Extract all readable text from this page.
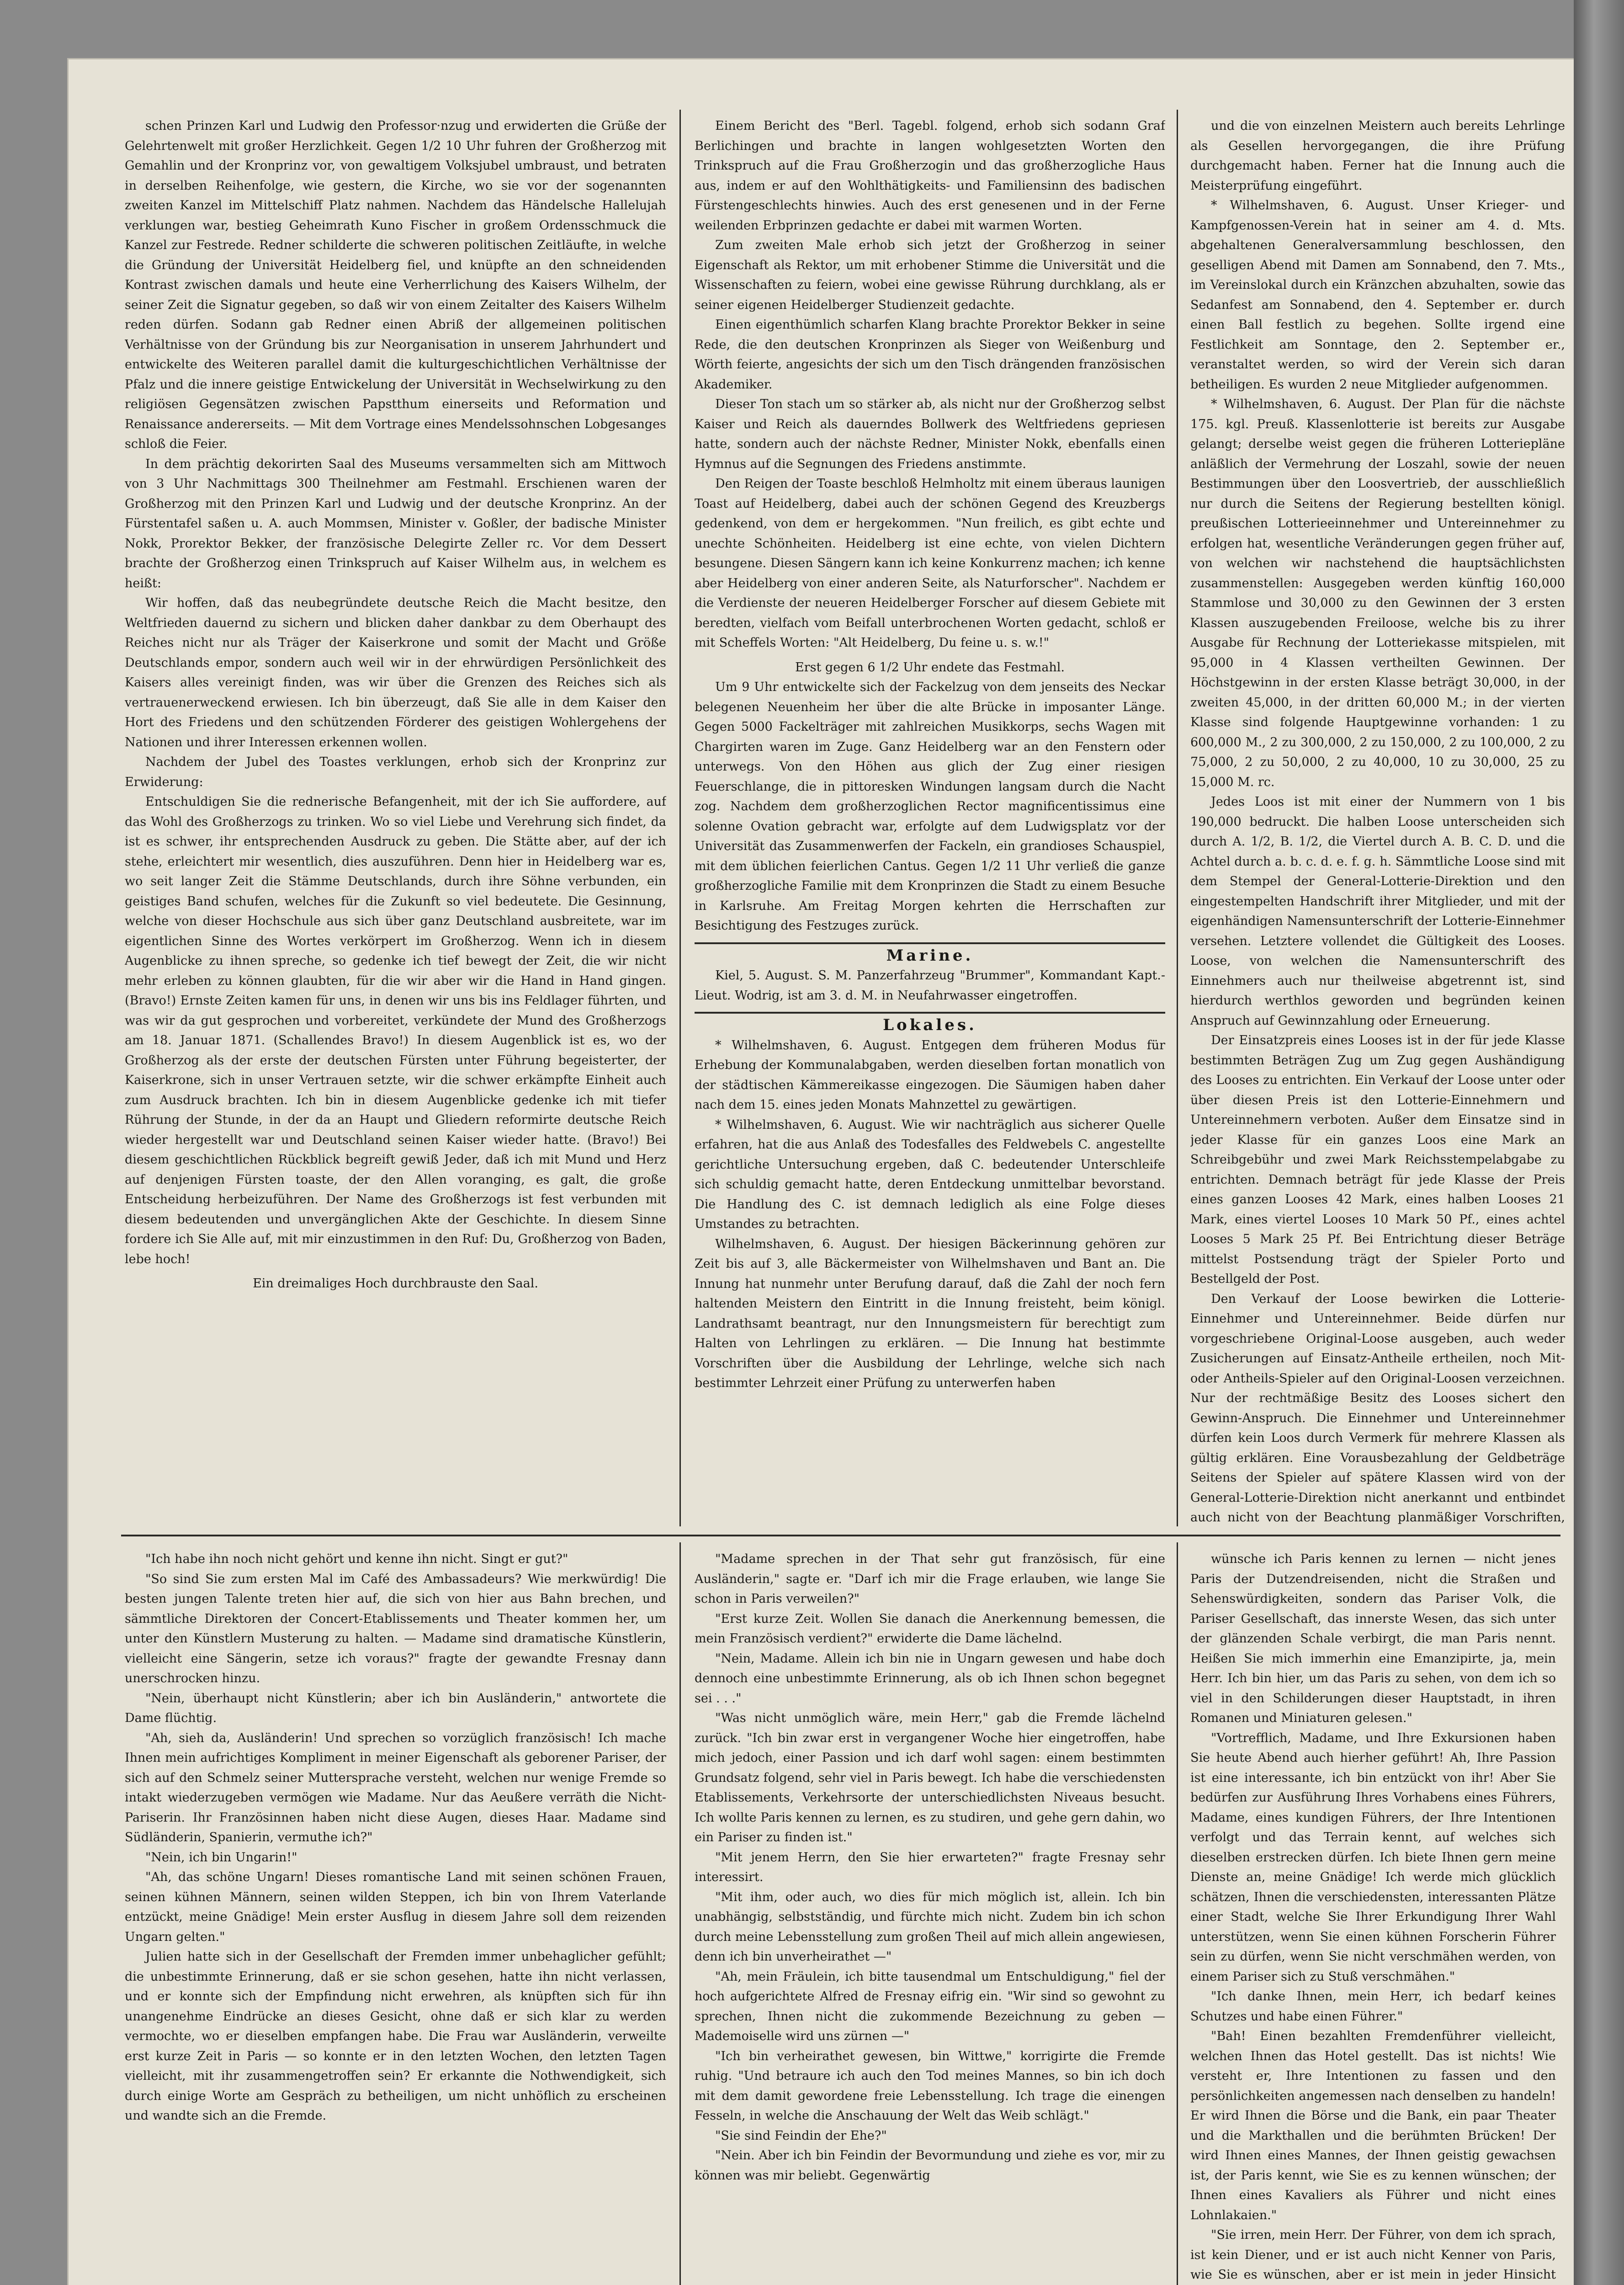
schen Prinzen Karl und Ludwig den Professor·nzug und erwiderten die Grüße der Gelehrtenwelt mit großer Herzlichkeit. Gegen 1/2 10 Uhr fuhren der Großherzog mit Gemahlin und der Kronprinz vor, von gewaltigem Volksjubel umbraust, und betraten in derselben Reihenfolge, wie gestern, die Kirche, wo sie vor der sogenannten zweiten Kanzel im Mittelschiff Platz nahmen. Nachdem das Händelsche Hallelujah verklungen war, bestieg Geheimrath Kuno Fischer in großem Ordensschmuck die Kanzel zur Festrede. Redner schilderte die schweren politischen Zeitläufte, in welche die Gründung der Universität Heidelberg fiel, und knüpfte an den schneidenden Kontrast zwischen damals und heute eine Verherrlichung des Kaisers Wilhelm, der seiner Zeit die Signatur gegeben, so daß wir von einem Zeitalter des Kaisers Wilhelm reden dürfen. Sodann gab Redner einen Abriß der allgemeinen politischen Verhältnisse von der Gründung bis zur Neorganisation in unserem Jahrhundert und entwickelte des Weiteren parallel damit die kulturgeschichtlichen Verhältnisse der Pfalz und die innere geistige Entwickelung der Universität in Wechselwirkung zu den religiösen Gegensätzen zwischen Papstthum einerseits und Reformation und Renaissance andererseits. — Mit dem Vortrage eines Mendelssohnschen Lobgesanges schloß die Feier.

In dem prächtig dekorirten Saal des Museums versammelten sich am Mittwoch von 3 Uhr Nachmittags 300 Theilnehmer am Festmahl. Erschienen waren der Großherzog mit den Prinzen Karl und Ludwig und der deutsche Kronprinz. An der Fürstentafel saßen u. A. auch Mommsen, Minister v. Goßler, der badische Minister Nokk, Prorektor Bekker, der französische Delegirte Zeller rc. Vor dem Dessert brachte der Großherzog einen Trinkspruch auf Kaiser Wilhelm aus, in welchem es heißt:

Wir hoffen, daß das neubegründete deutsche Reich die Macht besitze, den Weltfrieden dauernd zu sichern und blicken daher dankbar zu dem Oberhaupt des Reiches nicht nur als Träger der Kaiserkrone und somit der Macht und Größe Deutschlands empor, sondern auch weil wir in der ehrwürdigen Persönlichkeit des Kaisers alles vereinigt finden, was wir über die Grenzen des Reiches sich als vertrauenerweckend erwiesen. Ich bin überzeugt, daß Sie alle in dem Kaiser den Hort des Friedens und den schützenden Förderer des geistigen Wohlergehens der Nationen und ihrer Interessen erkennen wollen.

Nachdem der Jubel des Toastes verklungen, erhob sich der Kronprinz zur Erwiderung:

Entschuldigen Sie die rednerische Befangenheit, mit der ich Sie auffordere, auf das Wohl des Großherzogs zu trinken. Wo so viel Liebe und Verehrung sich findet, da ist es schwer, ihr entsprechenden Ausdruck zu geben. Die Stätte aber, auf der ich stehe, erleichtert mir wesentlich, dies auszuführen. Denn hier in Heidelberg war es, wo seit langer Zeit die Stämme Deutschlands, durch ihre Söhne verbunden, ein geistiges Band schufen, welches für die Zukunft so viel bedeutete. Die Gesinnung, welche von dieser Hochschule aus sich über ganz Deutschland ausbreitete, war im eigentlichen Sinne des Wortes verkörpert im Großherzog. Wenn ich in diesem Augenblicke zu ihnen spreche, so gedenke ich tief bewegt der Zeit, die wir nicht mehr erleben zu können glaubten, für die wir aber wir die Hand in Hand gingen. (Bravo!) Ernste Zeiten kamen für uns, in denen wir uns bis ins Feldlager führten, und was wir da gut gesprochen und vorbereitet, verkündete der Mund des Großherzogs am 18. Januar 1871. (Schallendes Bravo!) In diesem Augenblick ist es, wo der Großherzog als der erste der deutschen Fürsten unter Führung begeisterter, der Kaiserkrone, sich in unser Vertrauen setzte, wir die schwer erkämpfte Einheit auch zum Ausdruck brachten. Ich bin in diesem Augenblicke gedenke ich mit tiefer Rührung der Stunde, in der da an Haupt und Gliedern reformirte deutsche Reich wieder hergestellt war und Deutschland seinen Kaiser wieder hatte. (Bravo!) Bei diesem geschichtlichen Rückblick begreift gewiß Jeder, daß ich mit Mund und Herz auf denjenigen Fürsten toaste, der den Allen voranging, es galt, die große Entscheidung herbeizuführen. Der Name des Großherzogs ist fest verbunden mit diesem bedeutenden und unvergänglichen Akte der Geschichte. In diesem Sinne fordere ich Sie Alle auf, mit mir einzustimmen in den Ruf: Du, Großherzog von Baden, lebe hoch!

Ein dreimaliges Hoch durchbrauste den Saal.

Einem Bericht des "Berl. Tagebl. folgend, erhob sich sodann Graf Berlichingen und brachte in langen wohlgesetzten Worten den Trinkspruch auf die Frau Großherzogin und das großherzogliche Haus aus, indem er auf den Wohlthätigkeits- und Familiensinn des badischen Fürstengeschlechts hinwies. Auch des erst genesenen und in der Ferne weilenden Erbprinzen gedachte er dabei mit warmen Worten.

Zum zweiten Male erhob sich jetzt der Großherzog in seiner Eigenschaft als Rektor, um mit erhobener Stimme die Universität und die Wissenschaften zu feiern, wobei eine gewisse Rührung durchklang, als er seiner eigenen Heidelberger Studienzeit gedachte.

Einen eigenthümlich scharfen Klang brachte Prorektor Bekker in seine Rede, die den deutschen Kronprinzen als Sieger von Weißenburg und Wörth feierte, angesichts der sich um den Tisch drängenden französischen Akademiker.

Dieser Ton stach um so stärker ab, als nicht nur der Großherzog selbst Kaiser und Reich als dauerndes Bollwerk des Weltfriedens gepriesen hatte, sondern auch der nächste Redner, Minister Nokk, ebenfalls einen Hymnus auf die Segnungen des Friedens anstimmte.

Den Reigen der Toaste beschloß Helmholtz mit einem überaus launigen Toast auf Heidelberg, dabei auch der schönen Gegend des Kreuzbergs gedenkend, von dem er hergekommen. "Nun freilich, es gibt echte und unechte Schönheiten. Heidelberg ist eine echte, von vielen Dichtern besungene. Diesen Sängern kann ich keine Konkurrenz machen; ich kenne aber Heidelberg von einer anderen Seite, als Naturforscher". Nachdem er die Verdienste der neueren Heidelberger Forscher auf diesem Gebiete mit beredten, vielfach vom Beifall unterbrochenen Worten gedacht, schloß er mit Scheffels Worten: "Alt Heidelberg, Du feine u. s. w.!"

Erst gegen 6 1/2 Uhr endete das Festmahl.

Um 9 Uhr entwickelte sich der Fackelzug von dem jenseits des Neckar belegenen Neuenheim her über die alte Brücke in imposanter Länge. Gegen 5000 Fackelträger mit zahlreichen Musikkorps, sechs Wagen mit Chargirten waren im Zuge. Ganz Heidelberg war an den Fenstern oder unterwegs. Von den Höhen aus glich der Zug einer riesigen Feuerschlange, die in pittoresken Windungen langsam durch die Nacht zog. Nachdem dem großherzoglichen Rector magnificentissimus eine solenne Ovation gebracht war, erfolgte auf dem Ludwigsplatz vor der Universität das Zusammenwerfen der Fackeln, ein grandioses Schauspiel, mit dem üblichen feierlichen Cantus. Gegen 1/2 11 Uhr verließ die ganze großherzogliche Familie mit dem Kronprinzen die Stadt zu einem Besuche in Karlsruhe. Am Freitag Morgen kehrten die Herrschaften zur Besichtigung des Festzuges zurück.

Marine.

Kiel, 5. August. S. M. Panzerfahrzeug "Brummer", Kommandant Kapt.-Lieut. Wodrig, ist am 3. d. M. in Neufahrwasser eingetroffen.

Lokales.

* Wilhelmshaven, 6. August. Entgegen dem früheren Modus für Erhebung der Kommunalabgaben, werden dieselben fortan monatlich von der städtischen Kämmereikasse eingezogen. Die Säumigen haben daher nach dem 15. eines jeden Monats Mahnzettel zu gewärtigen.

* Wilhelmshaven, 6. August. Wie wir nachträglich aus sicherer Quelle erfahren, hat die aus Anlaß des Todesfalles des Feldwebels C. angestellte gerichtliche Untersuchung ergeben, daß C. bedeutender Unterschleife sich schuldig gemacht hatte, deren Entdeckung unmittelbar bevorstand. Die Handlung des C. ist demnach lediglich als eine Folge dieses Umstandes zu betrachten.

Wilhelmshaven, 6. August. Der hiesigen Bäckerinnung gehören zur Zeit bis auf 3, alle Bäckermeister von Wilhelmshaven und Bant an. Die Innung hat nunmehr unter Berufung darauf, daß die Zahl der noch fern haltenden Meistern den Eintritt in die Innung freisteht, beim königl. Landrathsamt beantragt, nur den Innungsmeistern für berechtigt zum Halten von Lehrlingen zu erklären. — Die Innung hat bestimmte Vorschriften über die Ausbildung der Lehrlinge, welche sich nach bestimmter Lehrzeit einer Prüfung zu unterwerfen haben

und die von einzelnen Meistern auch bereits Lehrlinge als Gesellen hervorgegangen, die ihre Prüfung durchgemacht haben. Ferner hat die Innung auch die Meisterprüfung eingeführt.

* Wilhelmshaven, 6. August. Unser Krieger- und Kampfgenossen-Verein hat in seiner am 4. d. Mts. abgehaltenen Generalversammlung beschlossen, den geselligen Abend mit Damen am Sonnabend, den 7. Mts., im Vereinslokal durch ein Kränzchen abzuhalten, sowie das Sedanfest am Sonnabend, den 4. September er. durch einen Ball festlich zu begehen. Sollte irgend eine Festlichkeit am Sonntage, den 2. September er., veranstaltet werden, so wird der Verein sich daran betheiligen. Es wurden 2 neue Mitglieder aufgenommen.

* Wilhelmshaven, 6. August. Der Plan für die nächste 175. kgl. Preuß. Klassenlotterie ist bereits zur Ausgabe gelangt; derselbe weist gegen die früheren Lotteriepläne anläßlich der Vermehrung der Loszahl, sowie der neuen Bestimmungen über den Loosvertrieb, der ausschließlich nur durch die Seitens der Regierung bestellten königl. preußischen Lotterieeinnehmer und Untereinnehmer zu erfolgen hat, wesentliche Veränderungen gegen früher auf, von welchen wir nachstehend die hauptsächlichsten zusammenstellen: Ausgegeben werden künftig 160,000 Stammlose und 30,000 zu den Gewinnen der 3 ersten Klassen auszugebenden Freiloose, welche bis zu ihrer Ausgabe für Rechnung der Lotteriekasse mitspielen, mit 95,000 in 4 Klassen vertheilten Gewinnen. Der Höchstgewinn in der ersten Klasse beträgt 30,000, in der zweiten 45,000, in der dritten 60,000 M.; in der vierten Klasse sind folgende Hauptgewinne vorhanden: 1 zu 600,000 M., 2 zu 300,000, 2 zu 150,000, 2 zu 100,000, 2 zu 75,000, 2 zu 50,000, 2 zu 40,000, 10 zu 30,000, 25 zu 15,000 M. rc.

Jedes Loos ist mit einer der Nummern von 1 bis 190,000 bedruckt. Die halben Loose unterscheiden sich durch A. 1/2, B. 1/2, die Viertel durch A. B. C. D. und die Achtel durch a. b. c. d. e. f. g. h. Sämmtliche Loose sind mit dem Stempel der General-Lotterie-Direktion und den eingestempelten Handschrift ihrer Mitglieder, und mit der eigenhändigen Namensunterschrift der Lotterie-Einnehmer versehen. Letztere vollendet die Gültigkeit des Looses. Loose, von welchen die Namensunterschrift des Einnehmers auch nur theilweise abgetrennt ist, sind hierdurch werthlos geworden und begründen keinen Anspruch auf Gewinnzahlung oder Erneuerung.

Der Einsatzpreis eines Looses ist in der für jede Klasse bestimmten Beträgen Zug um Zug gegen Aushändigung des Looses zu entrichten. Ein Verkauf der Loose unter oder über diesen Preis ist den Lotterie-Einnehmern und Untereinnehmern verboten. Außer dem Einsatze sind in jeder Klasse für ein ganzes Loos eine Mark an Schreibgebühr und zwei Mark Reichsstempelabgabe zu entrichten. Demnach beträgt für jede Klasse der Preis eines ganzen Looses 42 Mark, eines halben Looses 21 Mark, eines viertel Looses 10 Mark 50 Pf., eines achtel Looses 5 Mark 25 Pf. Bei Entrichtung dieser Beträge mittelst Postsendung trägt der Spieler Porto und Bestellgeld der Post.

Den Verkauf der Loose bewirken die Lotterie-Einnehmer und Untereinnehmer. Beide dürfen nur vorgeschriebene Original-Loose ausgeben, auch weder Zusicherungen auf Einsatz-Antheile ertheilen, noch Mit- oder Antheils-Spieler auf den Original-Loosen verzeichnen. Nur der rechtmäßige Besitz des Looses sichert den Gewinn-Anspruch. Die Einnehmer und Untereinnehmer dürfen kein Loos durch Vermerk für mehrere Klassen als gültig erklären. Eine Vorausbezahlung der Geldbeträge Seitens der Spieler auf spätere Klassen wird von der General-Lotterie-Direktion nicht anerkannt und entbindet auch nicht von der Beachtung planmäßiger Vorschriften,

"Ich habe ihn noch nicht gehört und kenne ihn nicht. Singt er gut?"

"So sind Sie zum ersten Mal im Café des Ambassadeurs? Wie merkwürdig! Die besten jungen Talente treten hier auf, die sich von hier aus Bahn brechen, und sämmtliche Direktoren der Concert-Etablissements und Theater kommen her, um unter den Künstlern Musterung zu halten. — Madame sind dramatische Künstlerin, vielleicht eine Sängerin, setze ich voraus?" fragte der gewandte Fresnay dann unerschrocken hinzu.

"Nein, überhaupt nicht Künstlerin; aber ich bin Ausländerin," antwortete die Dame flüchtig.

"Ah, sieh da, Ausländerin! Und sprechen so vorzüglich französisch! Ich mache Ihnen mein aufrichtiges Kompliment in meiner Eigenschaft als geborener Pariser, der sich auf den Schmelz seiner Muttersprache versteht, welchen nur wenige Fremde so intakt wiederzugeben vermögen wie Madame. Nur das Aeußere verräth die Nicht-Pariserin. Ihr Französinnen haben nicht diese Augen, dieses Haar. Madame sind Südländerin, Spanierin, vermuthe ich?"

"Nein, ich bin Ungarin!"

"Ah, das schöne Ungarn! Dieses romantische Land mit seinen schönen Frauen, seinen kühnen Männern, seinen wilden Steppen, ich bin von Ihrem Vaterlande entzückt, meine Gnädige! Mein erster Ausflug in diesem Jahre soll dem reizenden Ungarn gelten."

Julien hatte sich in der Gesellschaft der Fremden immer unbehaglicher gefühlt; die unbestimmte Erinnerung, daß er sie schon gesehen, hatte ihn nicht verlassen, und er konnte sich der Empfindung nicht erwehren, als knüpften sich für ihn unangenehme Eindrücke an dieses Gesicht, ohne daß er sich klar zu werden vermochte, wo er dieselben empfangen habe. Die Frau war Ausländerin, verweilte erst kurze Zeit in Paris — so konnte er in den letzten Wochen, den letzten Tagen vielleicht, mit ihr zusammengetroffen sein? Er erkannte die Nothwendigkeit, sich durch einige Worte am Gespräch zu betheiligen, um nicht unhöflich zu erscheinen und wandte sich an die Fremde.

"Madame sprechen in der That sehr gut französisch, für eine Ausländerin," sagte er. "Darf ich mir die Frage erlauben, wie lange Sie schon in Paris verweilen?"

"Erst kurze Zeit. Wollen Sie danach die Anerkennung bemessen, die mein Französisch verdient?" erwiderte die Dame lächelnd.

"Nein, Madame. Allein ich bin nie in Ungarn gewesen und habe doch dennoch eine unbestimmte Erinnerung, als ob ich Ihnen schon begegnet sei . . ."

"Was nicht unmöglich wäre, mein Herr," gab die Fremde lächelnd zurück. "Ich bin zwar erst in vergangener Woche hier eingetroffen, habe mich jedoch, einer Passion und ich darf wohl sagen: einem bestimmten Grundsatz folgend, sehr viel in Paris bewegt. Ich habe die verschiedensten Etablissements, Verkehrsorte der unterschiedlichsten Niveaus besucht. Ich wollte Paris kennen zu lernen, es zu studiren, und gehe gern dahin, wo ein Pariser zu finden ist."

"Mit jenem Herrn, den Sie hier erwarteten?" fragte Fresnay sehr interessirt.

"Mit ihm, oder auch, wo dies für mich möglich ist, allein. Ich bin unabhängig, selbstständig, und fürchte mich nicht. Zudem bin ich schon durch meine Lebensstellung zum großen Theil auf mich allein angewiesen, denn ich bin unverheirathet —"

"Ah, mein Fräulein, ich bitte tausendmal um Entschuldigung," fiel der hoch aufgerichtete Alfred de Fresnay eifrig ein. "Wir sind so gewohnt zu sprechen, Ihnen nicht die zukommende Bezeichnung zu geben — Mademoiselle wird uns zürnen —"

"Ich bin verheirathet gewesen, bin Wittwe," korrigirte die Fremde ruhig. "Und betraure ich auch den Tod meines Mannes, so bin ich doch mit dem damit gewordene freie Lebensstellung. Ich trage die einengen Fesseln, in welche die Anschauung der Welt das Weib schlägt."

"Sie sind Feindin der Ehe?"

"Nein. Aber ich bin Feindin der Bevormundung und ziehe es vor, mir zu können was mir beliebt. Gegenwärtig

wünsche ich Paris kennen zu lernen — nicht jenes Paris der Dutzendreisenden, nicht die Straßen und Sehenswürdigkeiten, sondern das Pariser Volk, die Pariser Gesellschaft, das innerste Wesen, das sich unter der glänzenden Schale verbirgt, die man Paris nennt. Heißen Sie mich immerhin eine Emanzipirte, ja, mein Herr. Ich bin hier, um das Paris zu sehen, von dem ich so viel in den Schilderungen dieser Hauptstadt, in ihren Romanen und Miniaturen gelesen."

"Vortrefflich, Madame, und Ihre Exkursionen haben Sie heute Abend auch hierher geführt! Ah, Ihre Passion ist eine interessante, ich bin entzückt von ihr! Aber Sie bedürfen zur Ausführung Ihres Vorhabens eines Führers, Madame, eines kundigen Führers, der Ihre Intentionen verfolgt und das Terrain kennt, auf welches sich dieselben erstrecken dürfen. Ich biete Ihnen gern meine Dienste an, meine Gnädige! Ich werde mich glücklich schätzen, Ihnen die verschiedensten, interessanten Plätze einer Stadt, welche Sie Ihrer Erkundigung Ihrer Wahl unterstützen, wenn Sie einen kühnen Forscherin Führer sein zu dürfen, wenn Sie nicht verschmähen werden, von einem Pariser sich zu Stuß verschmähen."

"Ich danke Ihnen, mein Herr, ich bedarf keines Schutzes und habe einen Führer."

"Bah! Einen bezahlten Fremdenführer vielleicht, welchen Ihnen das Hotel gestellt. Das ist nichts! Wie versteht er, Ihre Intentionen zu fassen und den persönlichkeiten angemessen nach denselben zu handeln! Er wird Ihnen die Börse und die Bank, ein paar Theater und die Markthallen und die berühmten Brücken! Der wird Ihnen eines Mannes, der Ihnen geistig gewachsen ist, der Paris kennt, wie Sie es zu kennen wünschen; der Ihnen eines Kavaliers als Führer und nicht eines Lohnlakaien."

"Sie irren, mein Herr. Der Führer, von dem ich sprach, ist kein Diener, und er ist auch nicht Kenner von Paris, wie Sie es wünschen, aber er ist mein in jeder Hinsicht
